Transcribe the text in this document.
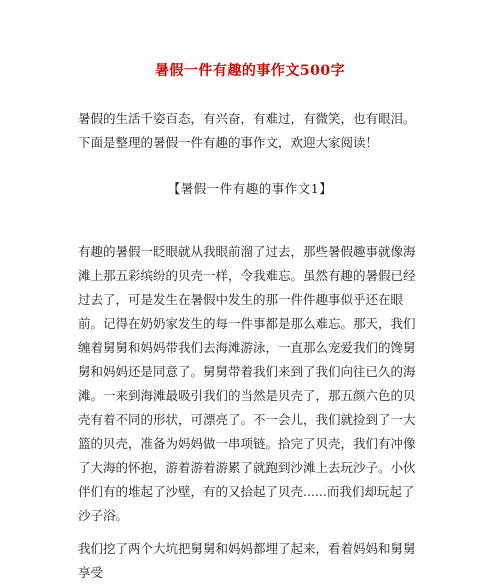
暑假一件有趣的事作文500字

暑假的生活千姿百态，有兴奋，有难过，有微笑，也有眼泪。下面是整理的暑假一件有趣的事作文，欢迎大家阅读！

【暑假一件有趣的事作文1】

有趣的暑假一眨眼就从我眼前溜了过去，那些暑假趣事就像海滩上那五彩缤纷的贝壳一样，令我难忘。虽然有趣的暑假已经过去了，可是发生在暑假中发生的那一件件趣事似乎还在眼前。记得在奶奶家发生的每一件事都是那么难忘。那天，我们缠着舅舅和妈妈带我们去海滩游泳，一直那么宠爱我们的馋舅舅和妈妈还是同意了。舅舅带着我们来到了我们向往已久的海滩。一来到海滩最吸引我们的当然是贝壳了，那五颜六色的贝壳有着不同的形状，可漂亮了。不一会儿，我们就捡到了一大篮的贝壳，准备为妈妈做一串项链。拾完了贝壳，我们有冲像了大海的怀抱，游着游着游累了就跑到沙滩上去玩沙子。小伙伴们有的堆起了沙壁，有的又拾起了贝壳......而我们却玩起了沙子浴。

我们挖了两个大坑把舅舅和妈妈都埋了起来，看着妈妈和舅舅享受
